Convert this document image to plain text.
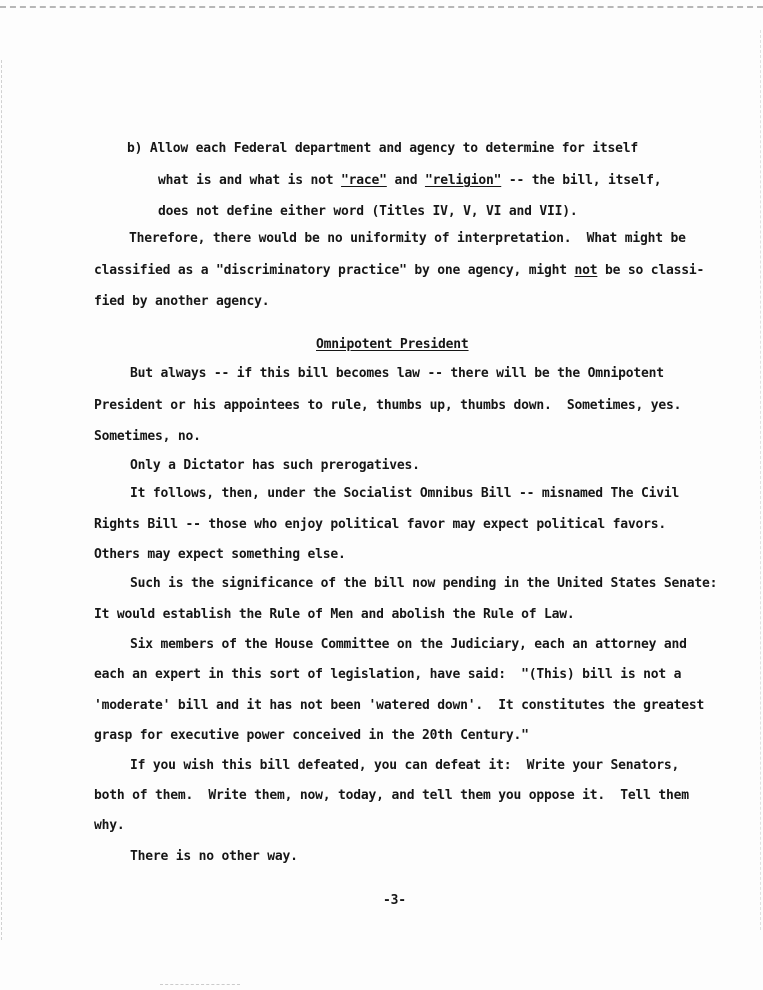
b) Allow each Federal department and agency to determine for itself
what is and what is not "race" and "religion" -- the bill, itself,
does not define either word (Titles IV, V, VI and VII).
Therefore, there would be no uniformity of interpretation.  What might be
classified as a "discriminatory practice" by one agency, might not be so classi-
fied by another agency.
Omnipotent President
But always -- if this bill becomes law -- there will be the Omnipotent
President or his appointees to rule, thumbs up, thumbs down.  Sometimes, yes.
Sometimes, no.
Only a Dictator has such prerogatives.
It follows, then, under the Socialist Omnibus Bill -- misnamed The Civil
Rights Bill -- those who enjoy political favor may expect political favors.
Others may expect something else.
Such is the significance of the bill now pending in the United States Senate:
It would establish the Rule of Men and abolish the Rule of Law.
Six members of the House Committee on the Judiciary, each an attorney and
each an expert in this sort of legislation, have said:  "(This) bill is not a
'moderate' bill and it has not been 'watered down'.  It constitutes the greatest
grasp for executive power conceived in the 20th Century."
If you wish this bill defeated, you can defeat it:  Write your Senators,
both of them.  Write them, now, today, and tell them you oppose it.  Tell them
why.
There is no other way.
-3-
